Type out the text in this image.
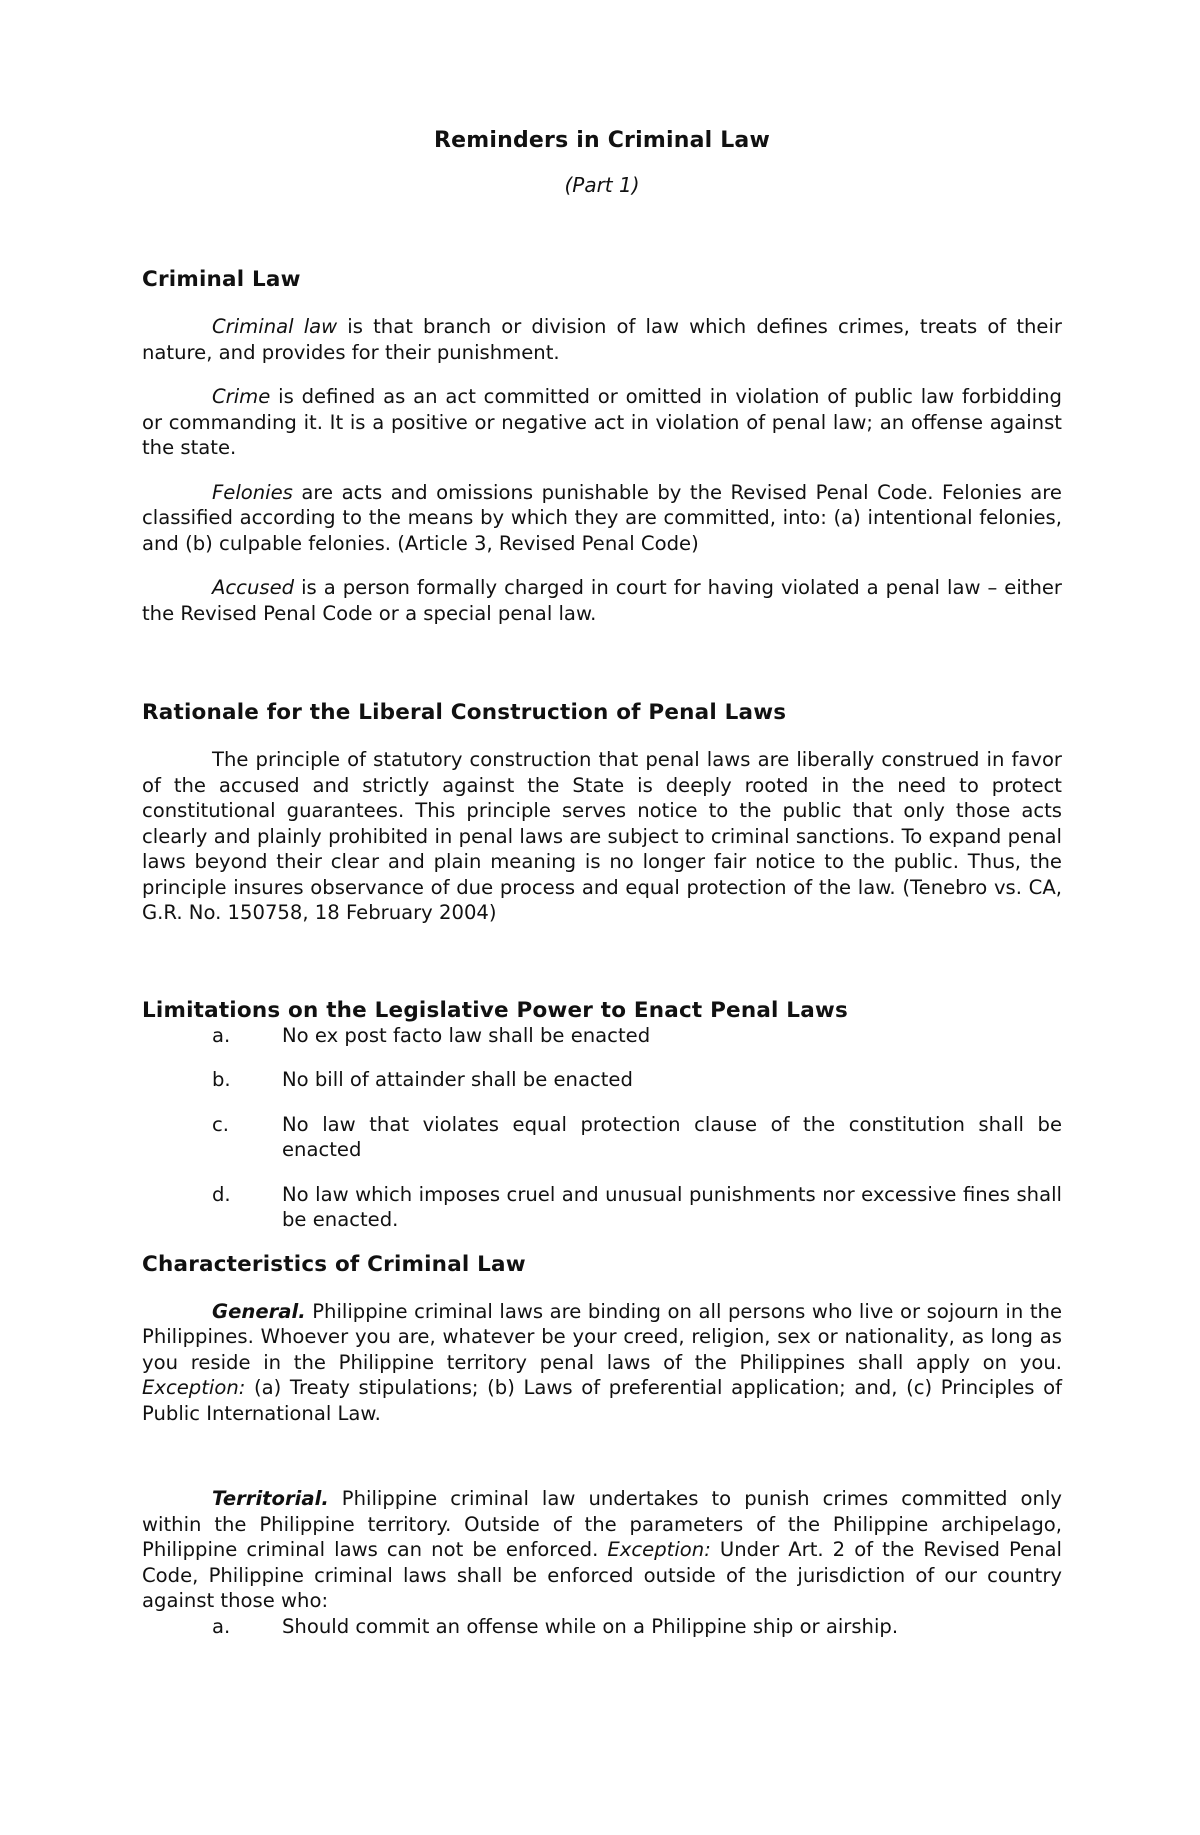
Reminders in Criminal Law
(Part 1)
Criminal Law

Criminal law is that branch or division of law which defines crimes, treats of their nature, and provides for their punishment.

Crime is defined as an act committed or omitted in violation of public law forbidding or commanding it. It is a positive or negative act in violation of penal law; an offense against the state.

Felonies are acts and omissions punishable by the Revised Penal Code. Felonies are classified according to the means by which they are committed, into: (a) intentional felonies, and (b) culpable felonies. (Article 3, Revised Penal Code)

Accused is a person formally charged in court for having violated a penal law – either the Revised Penal Code or a special penal law.

Rationale for the Liberal Construction of Penal Laws

The principle of statutory construction that penal laws are liberally construed in favor of the accused and strictly against the State is deeply rooted in the need to protect constitutional guarantees. This principle serves notice to the public that only those acts clearly and plainly prohibited in penal laws are subject to criminal sanctions. To expand penal laws beyond their clear and plain meaning is no longer fair notice to the public. Thus, the principle insures observance of due process and equal protection of the law. (Tenebro vs. CA, G.R. No. 150758, 18 February 2004)

Limitations on the Legislative Power to Enact Penal Laws
a.	No ex post facto law shall be enacted
b.	No bill of attainder shall be enacted
c.	No law that violates equal protection clause of the constitution shall be enacted
d.	No law which imposes cruel and unusual punishments nor excessive fines shall be enacted.
Characteristics of Criminal Law

General. Philippine criminal laws are binding on all persons who live or sojourn in the Philippines. Whoever you are, whatever be your creed, religion, sex or nationality, as long as you reside in the Philippine territory penal laws of the Philippines shall apply on you. Exception: (a) Treaty stipulations; (b) Laws of preferential application; and, (c) Principles of Public International Law.

Territorial. Philippine criminal law undertakes to punish crimes committed only within the Philippine territory. Outside of the parameters of the Philippine archipelago, Philippine criminal laws can not be enforced. Exception: Under Art. 2 of the Revised Penal Code, Philippine criminal laws shall be enforced outside of the jurisdiction of our country against those who:

a.	Should commit an offense while on a Philippine ship or airship.
